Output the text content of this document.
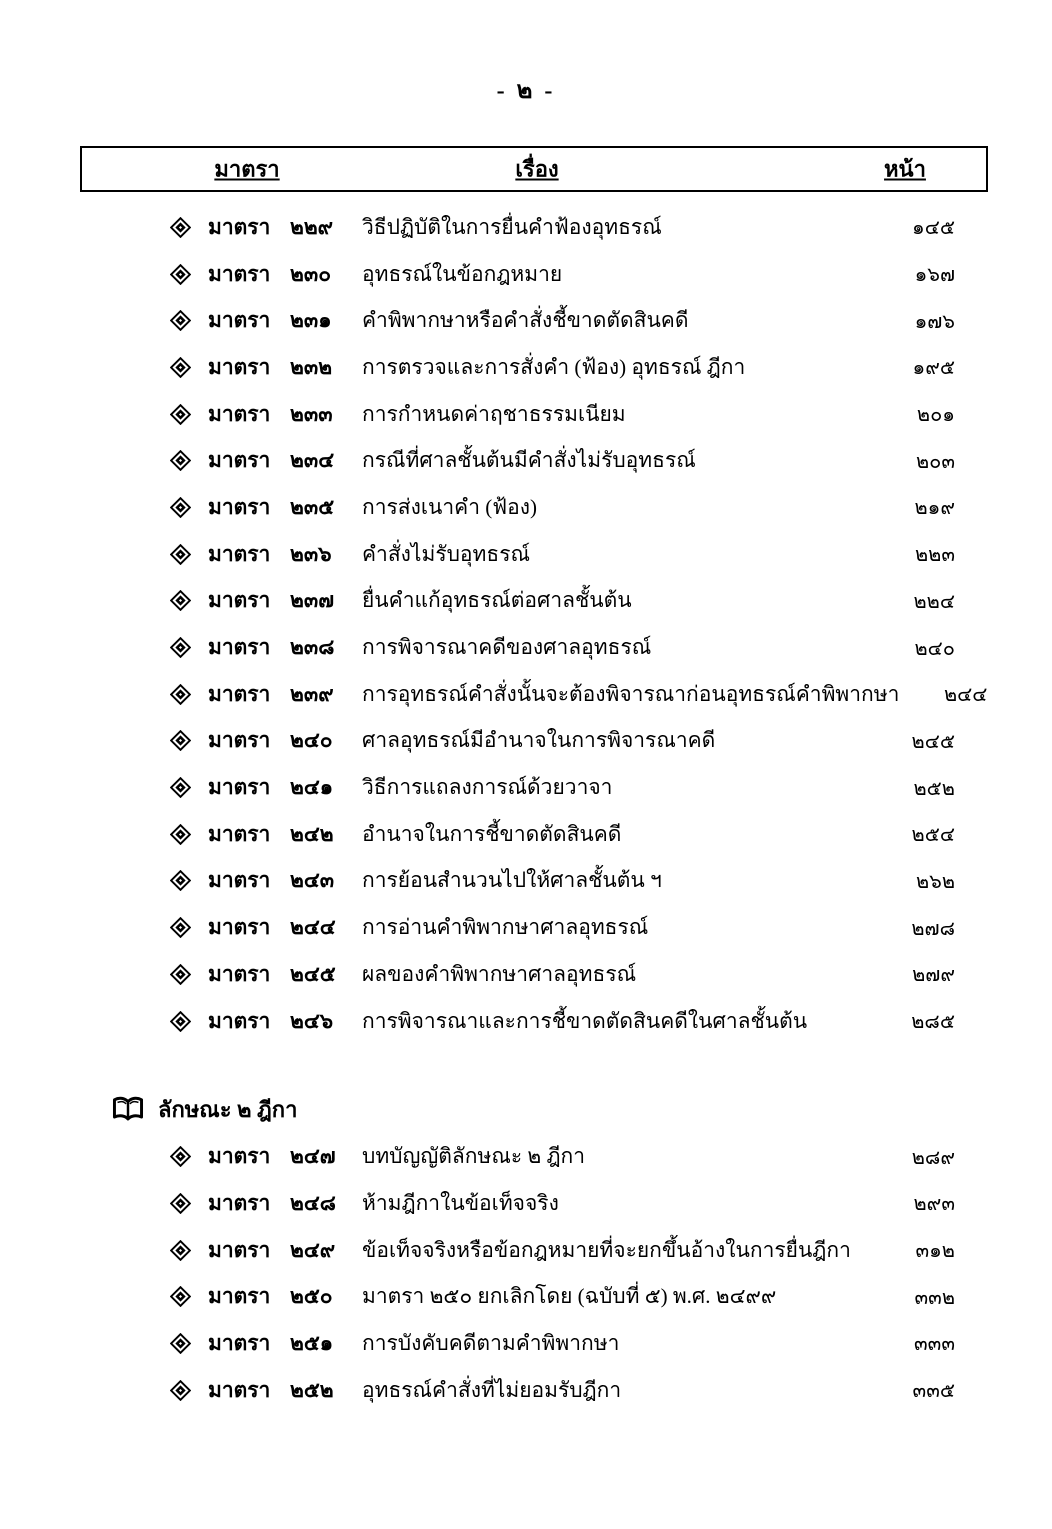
- ๒ -
มาตรา	เรื่อง	หน้า
มาตรา ๒๒๙	วิธีปฏิบัติในการยื่นคำฟ้องอุทธรณ์	๑๔๕
มาตรา ๒๓๐	อุทธรณ์ในข้อกฎหมาย	๑๖๗
มาตรา ๒๓๑	คำพิพากษาหรือคำสั่งชี้ขาดตัดสินคดี	๑๗๖
มาตรา ๒๓๒	การตรวจและการสั่งคำ (ฟ้อง) อุทธรณ์ ฎีกา	๑๙๕
มาตรา ๒๓๓	การกำหนดค่าฤชาธรรมเนียม	๒๐๑
มาตรา ๒๓๔	กรณีที่ศาลชั้นต้นมีคำสั่งไม่รับอุทธรณ์	๒๐๓
มาตรา ๒๓๕	การส่งเนาคำ (ฟ้อง)	๒๑๙
มาตรา ๒๓๖	คำสั่งไม่รับอุทธรณ์	๒๒๓
มาตรา ๒๓๗	ยื่นคำแก้อุทธรณ์ต่อศาลชั้นต้น	๒๒๔
มาตรา ๒๓๘	การพิจารณาคดีของศาลอุทธรณ์	๒๔๐
มาตรา ๒๓๙	การอุทธรณ์คำสั่งนั้นจะต้องพิจารณาก่อนอุทธรณ์คำพิพากษา	๒๔๔
มาตรา ๒๔๐	ศาลอุทธรณ์มีอำนาจในการพิจารณาคดี	๒๔๕
มาตรา ๒๔๑	วิธีการแถลงการณ์ด้วยวาจา	๒๕๒
มาตรา ๒๔๒	อำนาจในการชี้ขาดตัดสินคดี	๒๕๔
มาตรา ๒๔๓	การย้อนสำนวนไปให้ศาลชั้นต้น ฯ	๒๖๒
มาตรา ๒๔๔	การอ่านคำพิพากษาศาลอุทธรณ์	๒๗๘
มาตรา ๒๔๕	ผลของคำพิพากษาศาลอุทธรณ์	๒๗๙
มาตรา ๒๔๖	การพิจารณาและการชี้ขาดตัดสินคดีในศาลชั้นต้น	๒๘๕
ลักษณะ ๒ ฎีกา
มาตรา ๒๔๗	บทบัญญัติลักษณะ ๒ ฎีกา	๒๘๙
มาตรา ๒๔๘	ห้ามฎีกาในข้อเท็จจริง	๒๙๓
มาตรา ๒๔๙	ข้อเท็จจริงหรือข้อกฎหมายที่จะยกขึ้นอ้างในการยื่นฎีกา	๓๑๒
มาตรา ๒๕๐	มาตรา ๒๕๐ ยกเลิกโดย (ฉบับที่ ๕) พ.ศ. ๒๔๙๙	๓๓๒
มาตรา ๒๕๑	การบังคับคดีตามคำพิพากษา	๓๓๓
มาตรา ๒๕๒	อุทธรณ์คำสั่งที่ไม่ยอมรับฎีกา	๓๓๕
